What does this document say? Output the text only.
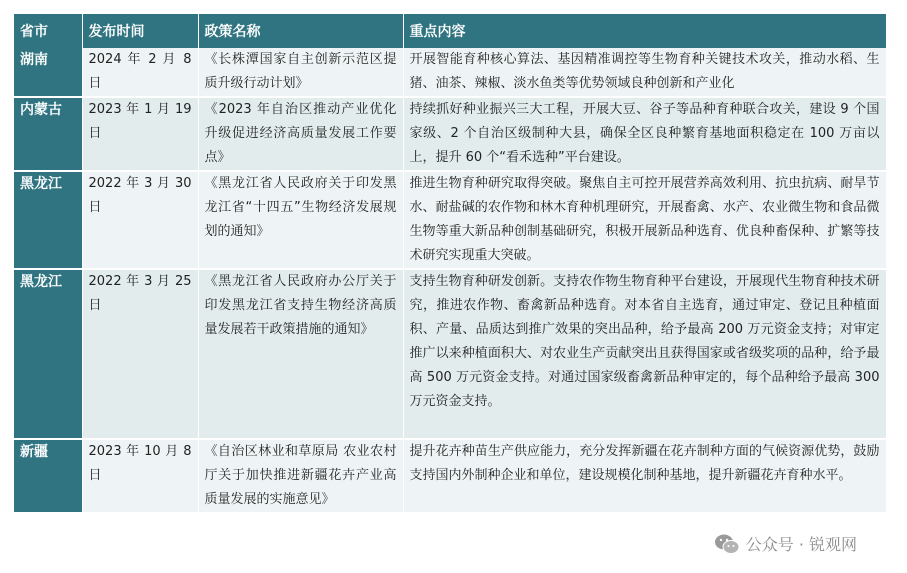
省市	发布时间	政策名称	重点内容
湖南	2024 年 2 月 8 日	《长株潭国家自主创新示范区提质升级行动计划》	开展智能育种核心算法、基因精准调控等生物育种关键技术攻关，推动水稻、生猪、油茶、辣椒、淡水鱼类等优势领域良种创新和产业化
内蒙古	2023 年 1 月 19 日	《2023 年自治区推动产业优化升级促进经济高质量发展工作要点》	持续抓好种业振兴三大工程，开展大豆、谷子等品种育种联合攻关，建设 9 个国家级、2 个自治区级制种大县，确保全区良种繁育基地面积稳定在 100 万亩以上，提升 60 个“看禾选种”平台建设。
黑龙江	2022 年 3 月 30 日	《黑龙江省人民政府关于印发黑龙江省“十四五”生物经济发展规划的通知》	推进生物育种研究取得突破。聚焦自主可控开展营养高效利用、抗虫抗病、耐旱节水、耐盐碱的农作物和林木育种机理研究，开展畜禽、水产、农业微生物和食品微生物等重大新品种创制基础研究，积极开展新品种选育、优良种畜保种、扩繁等技术研究实现重大突破。
黑龙江	2022 年 3 月 25 日	《黑龙江省人民政府办公厅关于印发黑龙江省支持生物经济高质量发展若干政策措施的通知》	支持生物育种研发创新。支持农作物生物育种平台建设，开展现代生物育种技术研究，推进农作物、畜禽新品种选育。对本省自主选育，通过审定、登记且种植面积、产量、品质达到推广效果的突出品种，给予最高 200 万元资金支持；对审定推广以来种植面积大、对农业生产贡献突出且获得国家或省级奖项的品种，给予最高 500 万元资金支持。对通过国家级畜禽新品种审定的，每个品种给予最高 300 万元资金支持。
新疆	2023 年 10 月 8 日	《自治区林业和草原局 农业农村厅关于加快推进新疆花卉产业高质量发展的实施意见》	提升花卉种苗生产供应能力，充分发挥新疆在花卉制种方面的气候资源优势，鼓励支持国内外制种企业和单位，建设规模化制种基地，提升新疆花卉育种水平。
公众号 · 锐观网
